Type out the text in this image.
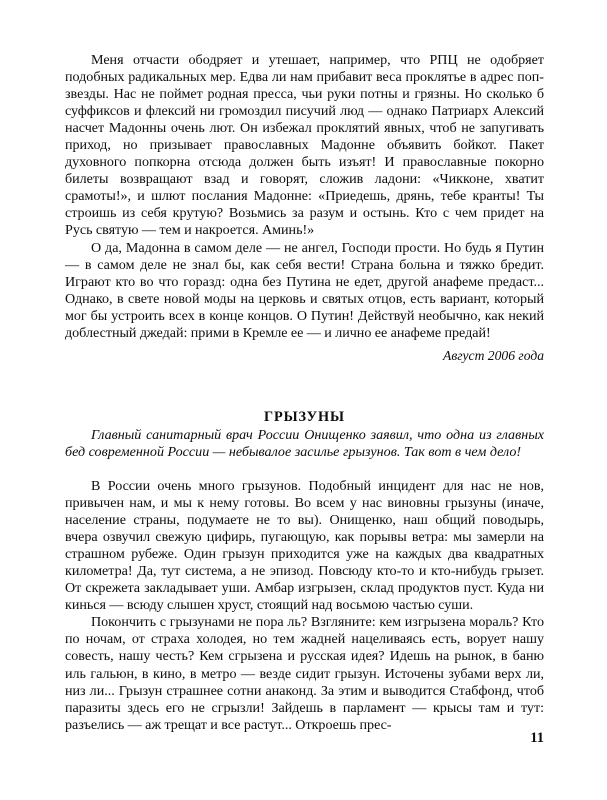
Меня отчасти ободряет и утешает, например, что РПЦ не одобряет подобных радикальных мер. Едва ли нам прибавит веса проклятье в адрес поп-звезды. Нас не поймет родная пресса, чьи руки потны и грязны. Но сколько б суффиксов и флексий ни громоздил писучий люд — однако Патриарх Алексий насчет Мадонны очень лют. Он избежал проклятий явных, чтоб не запугивать приход, но призывает православных Мадонне объявить бойкот. Пакет духовного попкорна отсюда должен быть изъят! И православные покорно билеты возвращают взад и говорят, сложив ладони: «Чикконе, хватит срамоты!», и шлют послания Мадонне: «Приедешь, дрянь, тебе кранты! Ты строишь из себя крутую? Возьмись за разум и остынь. Кто с чем придет на Русь святую — тем и накроется. Аминь!»

О да, Мадонна в самом деле — не ангел, Господи прости. Но будь я Путин — в самом деле не знал бы, как себя вести! Страна больна и тяжко бредит. Играют кто во что горазд: одна без Путина не едет, другой анафеме предаст... Однако, в свете новой моды на церковь и святых отцов, есть вариант, который мог бы устроить всех в конце концов. О Путин! Действуй необычно, как некий доблестный джедай: прими в Кремле ее — и лично ее анафеме предай!

Август 2006 года
ГРЫЗУНЫ

Главный санитарный врач России Онищенко заявил, что одна из главных бед современной России — небывалое засилье грызунов. Так вот в чем дело!

В России очень много грызунов. Подобный инцидент для нас не нов, привычен нам, и мы к нему готовы. Во всем у нас виновны грызуны (иначе, население страны, подумаете не то вы). Онищенко, наш общий поводырь, вчера озвучил свежую цифирь, пугающую, как порывы ветра: мы замерли на страшном рубеже. Один грызун приходится уже на каждых два квадратных километра! Да, тут система, а не эпизод. Повсюду кто-то и кто-нибудь грызет. От скрежета закладывает уши. Амбар изгрызен, склад продуктов пуст. Куда ни кинься — всюду слышен хруст, стоящий над восьмою частью суши.

Покончить с грызунами не пора ль? Взгляните: кем изгрызена мораль? Кто по ночам, от страха холодея, но тем жадней нацеливаясь есть, ворует нашу совесть, нашу честь? Кем сгрызена и русская идея? Идешь на рынок, в баню иль гальюн, в кино, в метро — везде сидит грызун. Источены зубами верх ли, низ ли... Грызун страшнее сотни анаконд. За этим и выводится Стабфонд, чтоб паразиты здесь его не сгрызли! Зайдешь в парламент — крысы там и тут: разъелись — аж трещат и все растут... Откроешь прес-

11
